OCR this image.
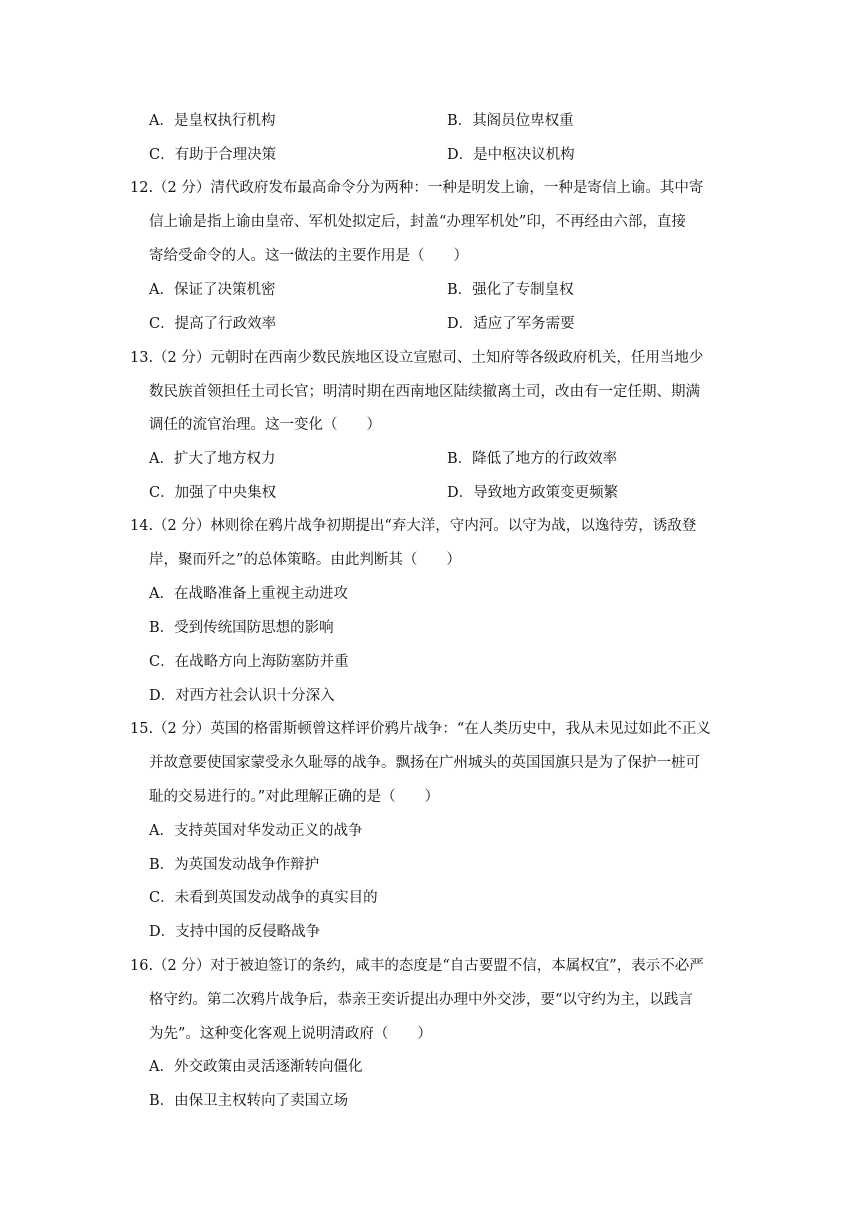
A．是皇权执行机构	B．其阁员位卑权重
C．有助于合理决策	D．是中枢决议机构
12.（2 分）清代政府发布最高命令分为两种：一种是明发上谕，一种是寄信上谕。其中寄
信上谕是指上谕由皇帝、军机处拟定后，封盖“办理军机处”印，不再经由六部，直接
寄给受命令的人。这一做法的主要作用是（　　）
A．保证了决策机密	B．强化了专制皇权
C．提高了行政效率	D．适应了军务需要
13.（2 分）元朝时在西南少数民族地区设立宣慰司、土知府等各级政府机关，任用当地少
数民族首领担任土司长官；明清时期在西南地区陆续撤离土司，改由有一定任期、期满
调任的流官治理。这一变化（　　）
A．扩大了地方权力	B．降低了地方的行政效率
C．加强了中央集权	D．导致地方政策变更频繁
14.（2 分）林则徐在鸦片战争初期提出“弃大洋，守内河。以守为战，以逸待劳，诱敌登
岸，聚而歼之”的总体策略。由此判断其（　　）
A．在战略准备上重视主动进攻
B．受到传统国防思想的影响
C．在战略方向上海防塞防并重
D．对西方社会认识十分深入
15.（2 分）英国的格雷斯顿曾这样评价鸦片战争：“在人类历史中，我从未见过如此不正义
并故意要使国家蒙受永久耻辱的战争。飘扬在广州城头的英国国旗只是为了保护一桩可
耻的交易进行的。”对此理解正确的是（　　）
A．支持英国对华发动正义的战争
B．为英国发动战争作辩护
C．未看到英国发动战争的真实目的
D．支持中国的反侵略战争
16.（2 分）对于被迫签订的条约，咸丰的态度是“自古要盟不信，本属权宜”，表示不必严
格守约。第二次鸦片战争后，恭亲王奕䜣提出办理中外交涉，要“以守约为主，以践言
为先”。这种变化客观上说明清政府（　　）
A．外交政策由灵活逐渐转向僵化
B．由保卫主权转向了卖国立场
